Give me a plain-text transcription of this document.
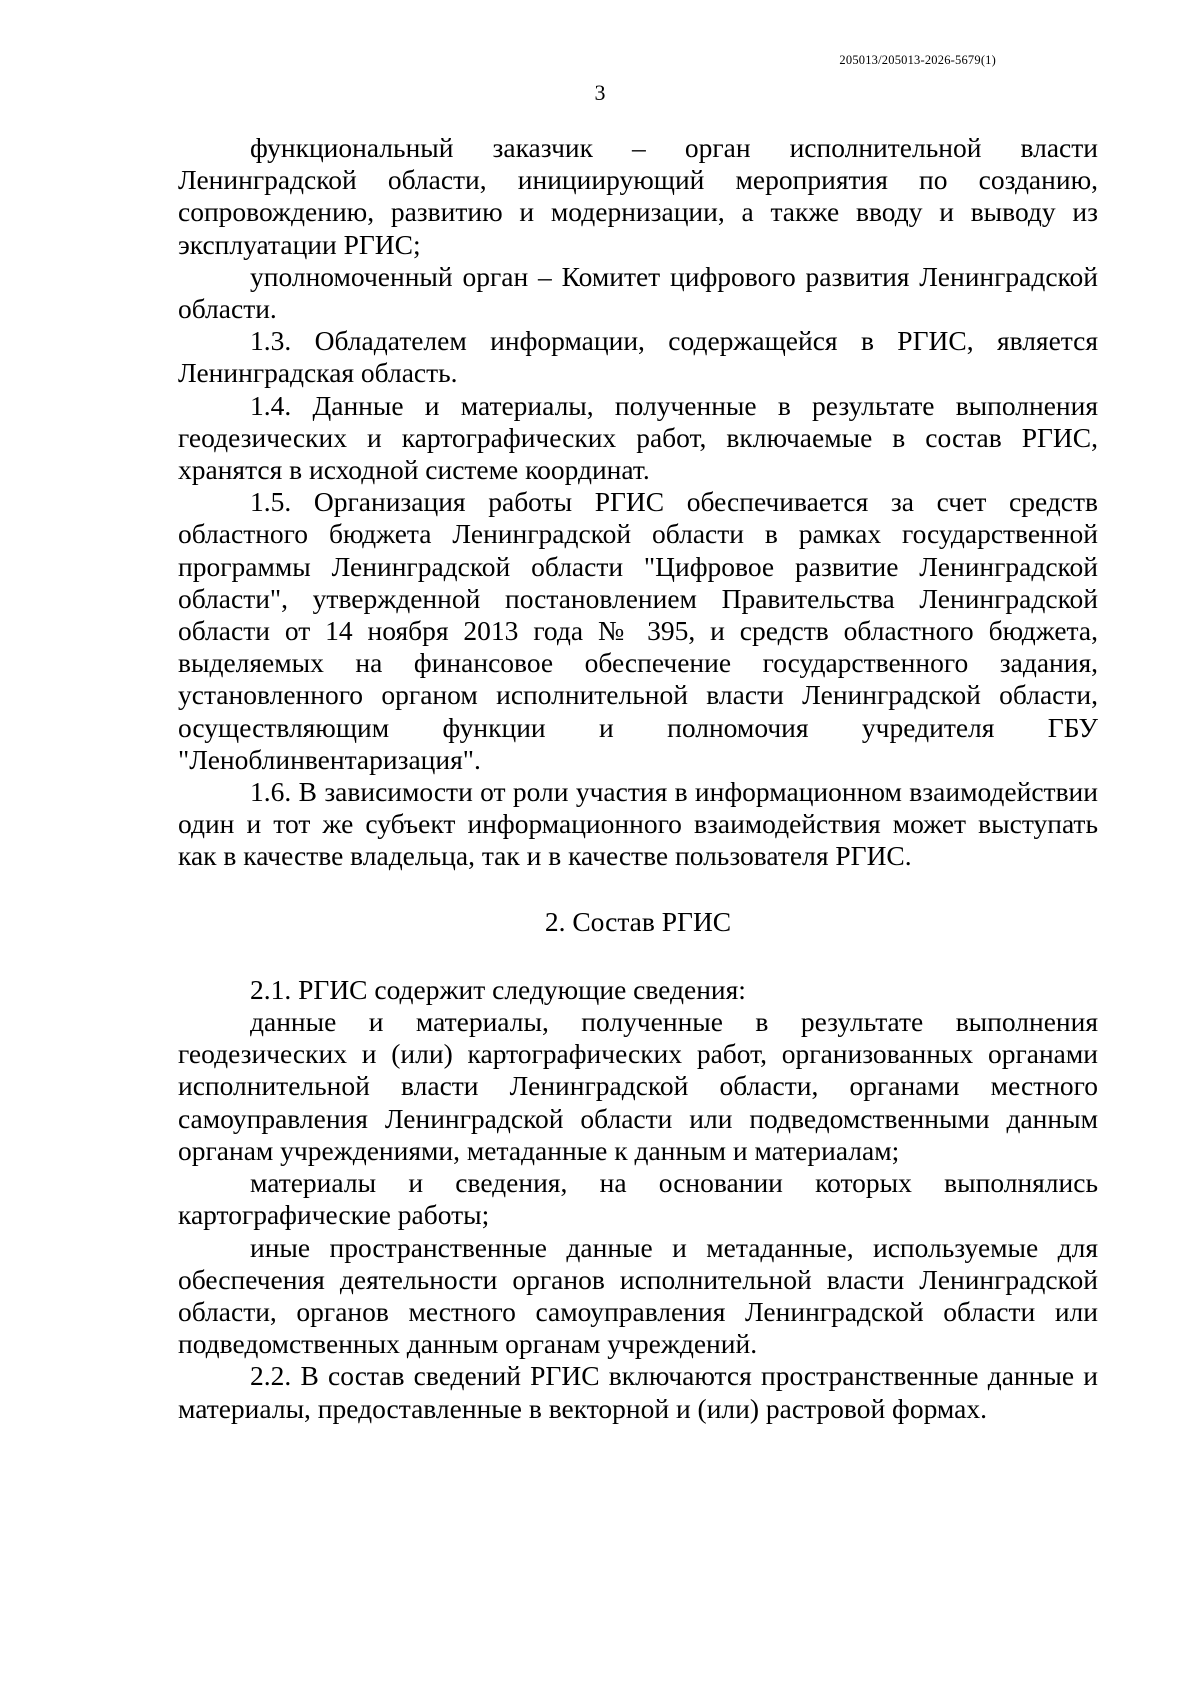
205013/205013-2026-5679(1)
3

функциональный заказчик – орган исполнительной власти Ленинградской области, инициирующий мероприятия по созданию, сопровождению, развитию и модернизации, а также вводу и выводу из эксплуатации РГИС;

уполномоченный орган – Комитет цифрового развития Ленинградской области.

1.3. Обладателем информации, содержащейся в РГИС, является Ленинградская область.

1.4. Данные и материалы, полученные в результате выполнения геодезических и картографических работ, включаемые в состав РГИС, хранятся в исходной системе координат.

1.5. Организация работы РГИС обеспечивается за счет средств областного бюджета Ленинградской области в рамках государственной программы Ленинградской области "Цифровое развитие Ленинградской области", утвержденной постановлением Правительства Ленинградской области от 14 ноября 2013 года № 395, и средств областного бюджета, выделяемых на финансовое обеспечение государственного задания, установленного органом исполнительной власти Ленинградской области, осуществляющим функции и полномочия учредителя ГБУ "Леноблинвентаризация".

1.6. В зависимости от роли участия в информационном взаимодействии один и тот же субъект информационного взаимодействия может выступать как в качестве владельца, так и в качестве пользователя РГИС.

2. Состав РГИС

2.1. РГИС содержит следующие сведения:

данные и материалы, полученные в результате выполнения геодезических и (или) картографических работ, организованных органами исполнительной власти Ленинградской области, органами местного самоуправления Ленинградской области или подведомственными данным органам учреждениями, метаданные к данным и материалам;

материалы и сведения, на основании которых выполнялись картографические работы;

иные пространственные данные и метаданные, используемые для обеспечения деятельности органов исполнительной власти Ленинградской области, органов местного самоуправления Ленинградской области или подведомственных данным органам учреждений.

2.2. В состав сведений РГИС включаются пространственные данные и материалы, предоставленные в векторной и (или) растровой формах.
